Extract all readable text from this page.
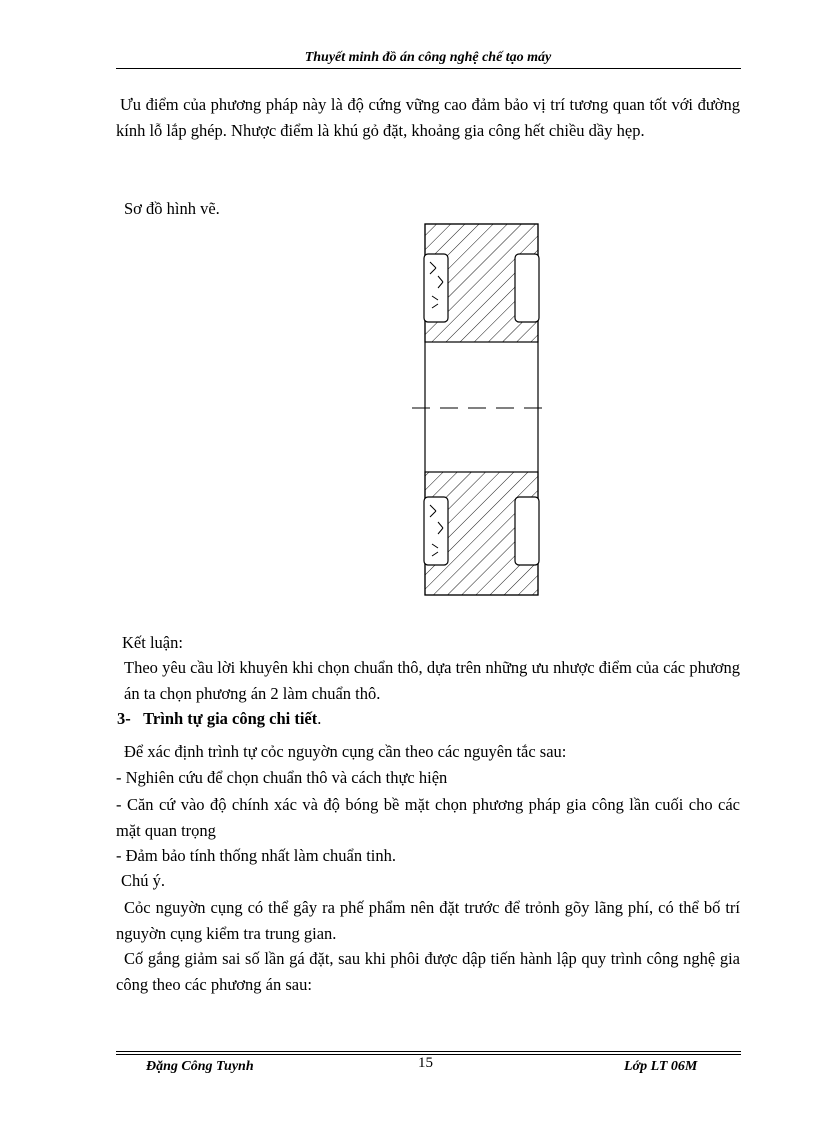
Thuyết minh đồ án công nghệ chế tạo máy

Ưu điểm của phương pháp này là độ cứng vững cao đảm bảo vị trí tương quan tốt với đường kính lỗ lắp ghép. Nhược điểm là khú gỏ đặt, khoảng gia công hết chiều dầy hẹp.

Sơ đồ hình vẽ.

Kết luận:

Theo yêu cầu lời khuyên khi chọn chuẩn thô, dựa trên những ưu nhược điểm của các phương án ta chọn phương án 2 làm chuẩn thô.

3- Trình tự gia công chi tiết.

Để xác định trình tự cỏc nguyờn cụng cần theo các nguyên tắc sau:

- Nghiên cứu để chọn chuẩn thô và cách thực hiện

- Căn cứ vào độ chính xác và độ bóng bề mặt chọn phương pháp gia công lần cuối cho các mặt quan trọng

- Đảm bảo tính thống nhất làm chuẩn tinh.

Chú ý.

Cỏc nguyờn cụng có thể gây ra phế phẩm nên đặt trước để trỏnh gõy lãng phí, có thể bố trí nguyờn cụng kiểm tra trung gian.

Cố gắng giảm sai số lần gá đặt, sau khi phôi được dập tiến hành lập quy trình công nghệ gia công theo các phương án sau:

Đặng Công Tuynh	15	Lớp LT 06M
